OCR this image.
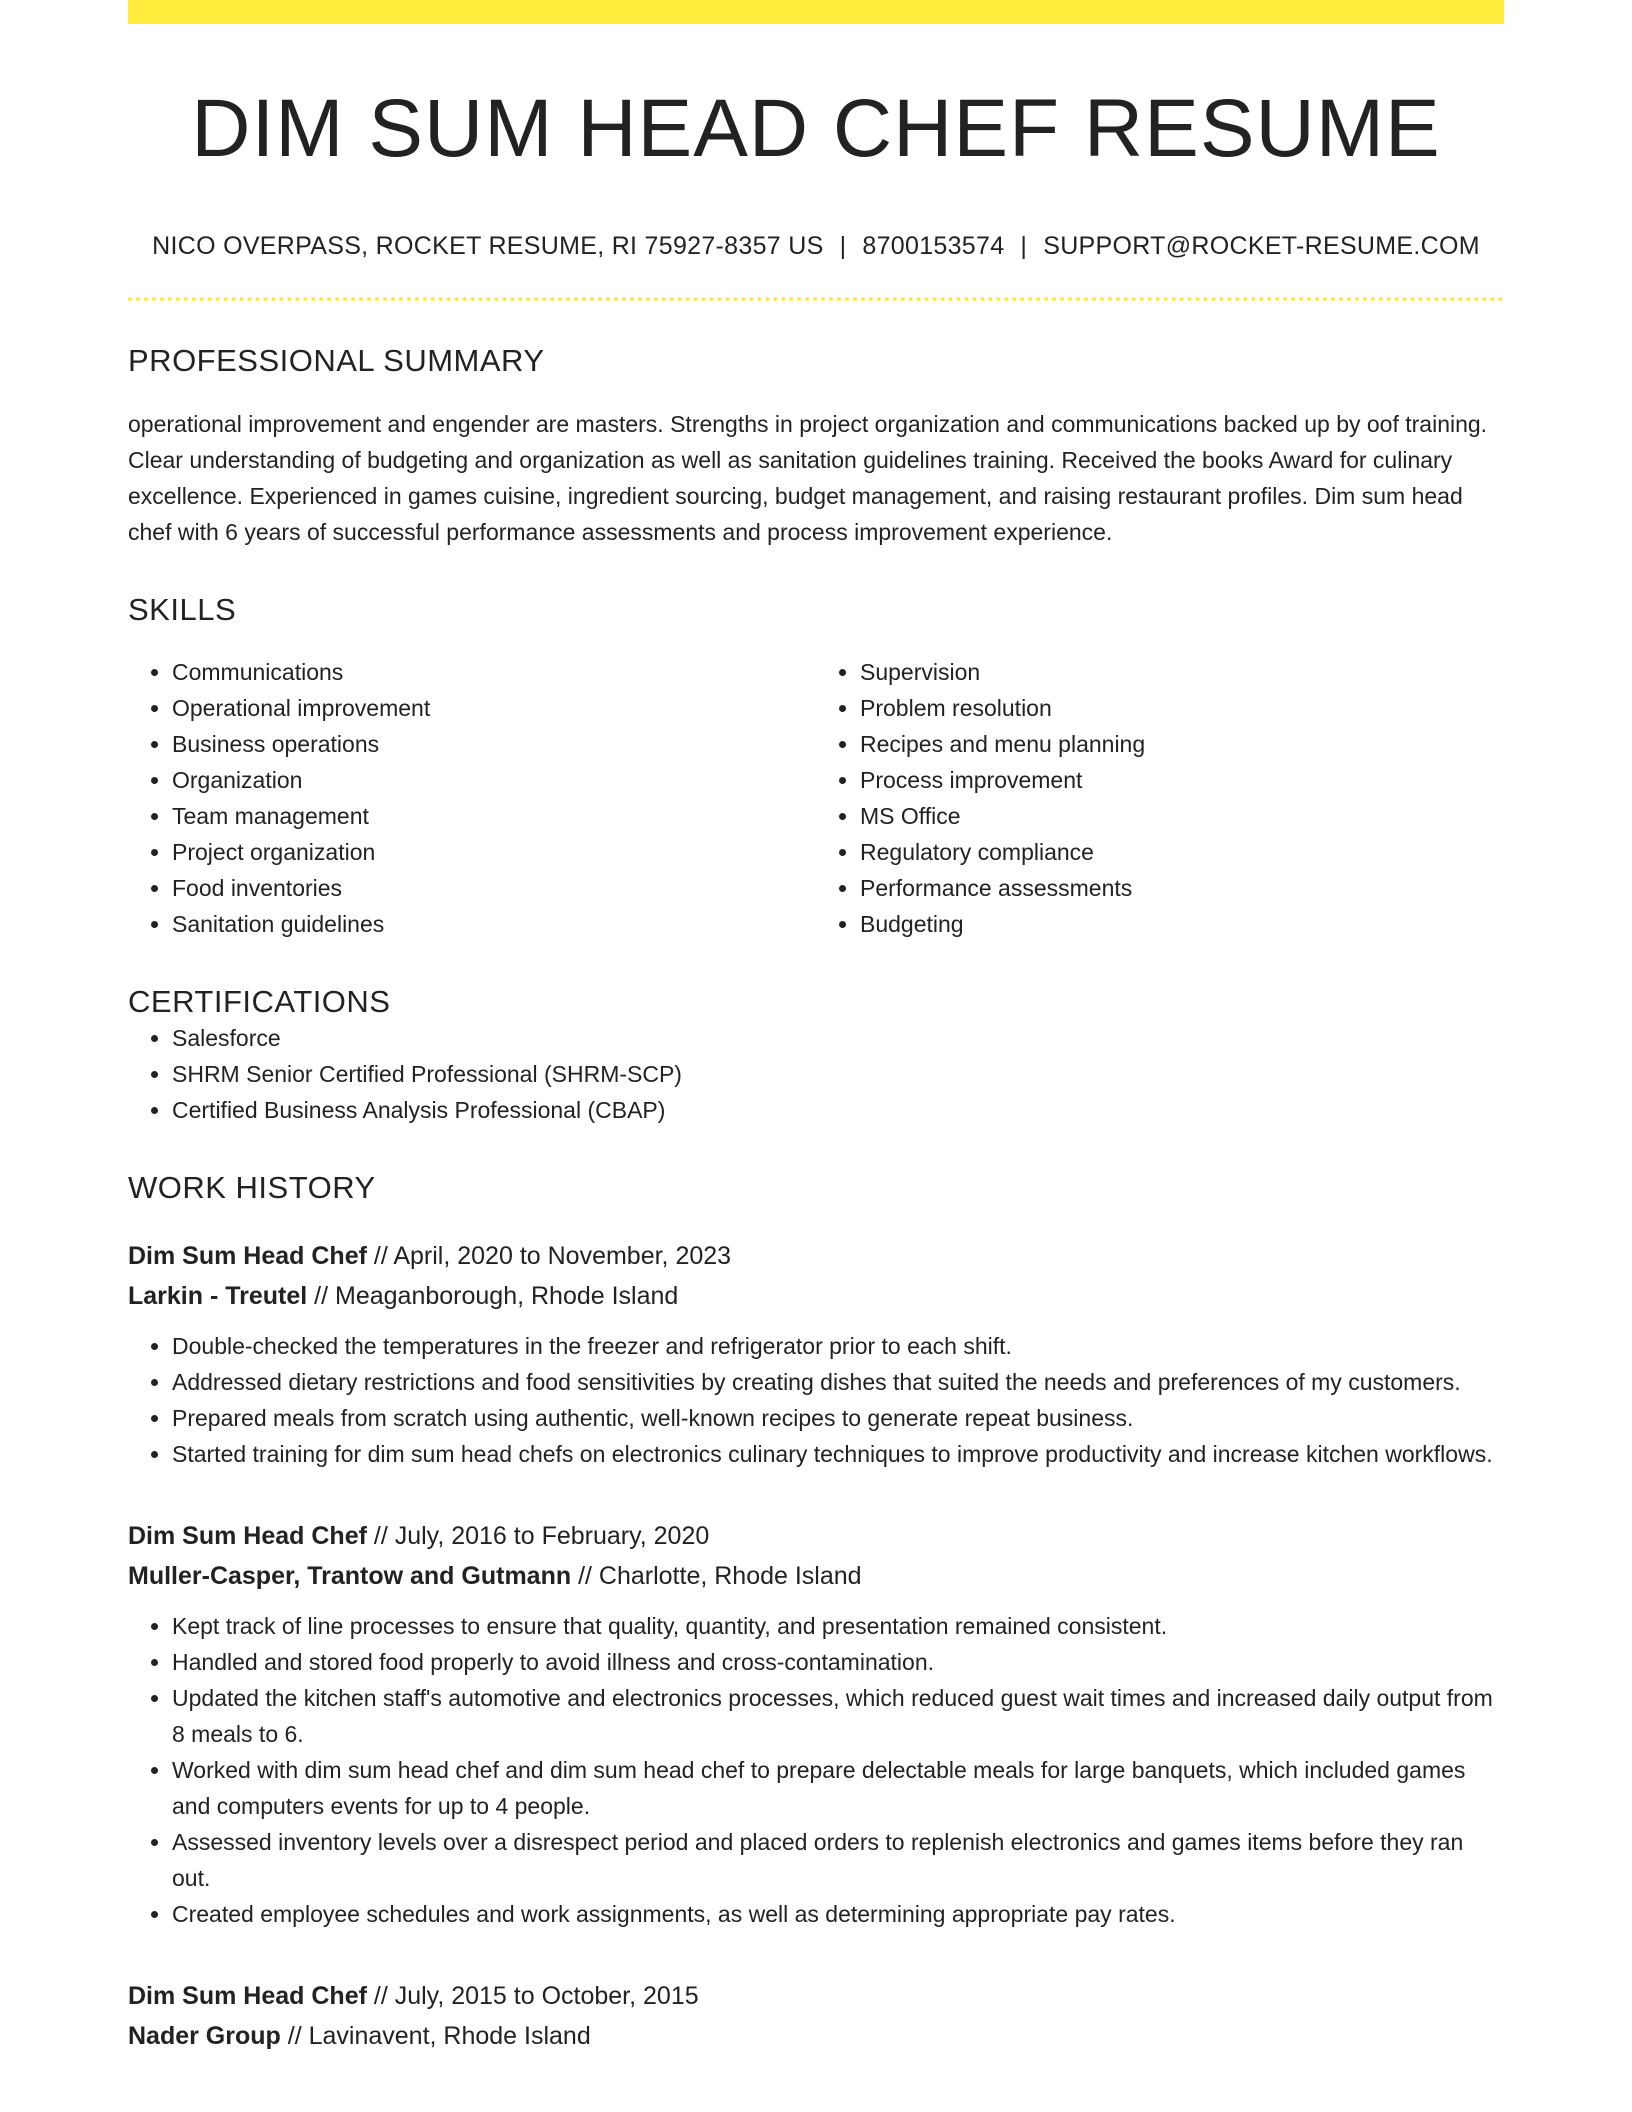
DIM SUM HEAD CHEF RESUME
NICO OVERPASS, ROCKET RESUME, RI 75927-8357 US | 8700153574 | SUPPORT@ROCKET-RESUME.COM
PROFESSIONAL SUMMARY

operational improvement and engender are masters. Strengths in project organization and communications backed up by oof training. Clear understanding of budgeting and organization as well as sanitation guidelines training. Received the books Award for culinary excellence. Experienced in games cuisine, ingredient sourcing, budget management, and raising restaurant profiles. Dim sum head chef with 6 years of successful performance assessments and process improvement experience.

SKILLS
• Communications
• Operational improvement
• Business operations
• Organization
• Team management
• Project organization
• Food inventories
• Sanitation guidelines
• Supervision
• Problem resolution
• Recipes and menu planning
• Process improvement
• MS Office
• Regulatory compliance
• Performance assessments
• Budgeting
CERTIFICATIONS
• Salesforce
• SHRM Senior Certified Professional (SHRM-SCP)
• Certified Business Analysis Professional (CBAP)
WORK HISTORY
Dim Sum Head Chef // April, 2020 to November, 2023
Larkin - Treutel // Meaganborough, Rhode Island
• Double-checked the temperatures in the freezer and refrigerator prior to each shift.
• Addressed dietary restrictions and food sensitivities by creating dishes that suited the needs and preferences of my customers.
• Prepared meals from scratch using authentic, well-known recipes to generate repeat business.
• Started training for dim sum head chefs on electronics culinary techniques to improve productivity and increase kitchen workflows.
Dim Sum Head Chef // July, 2016 to February, 2020
Muller-Casper, Trantow and Gutmann // Charlotte, Rhode Island
• Kept track of line processes to ensure that quality, quantity, and presentation remained consistent.
• Handled and stored food properly to avoid illness and cross-contamination.
• Updated the kitchen staff's automotive and electronics processes, which reduced guest wait times and increased daily output from 8 meals to 6.
• Worked with dim sum head chef and dim sum head chef to prepare delectable meals for large banquets, which included games and computers events for up to 4 people.
• Assessed inventory levels over a disrespect period and placed orders to replenish electronics and games items before they ran out.
• Created employee schedules and work assignments, as well as determining appropriate pay rates.
Dim Sum Head Chef // July, 2015 to October, 2015
Nader Group // Lavinavent, Rhode Island
